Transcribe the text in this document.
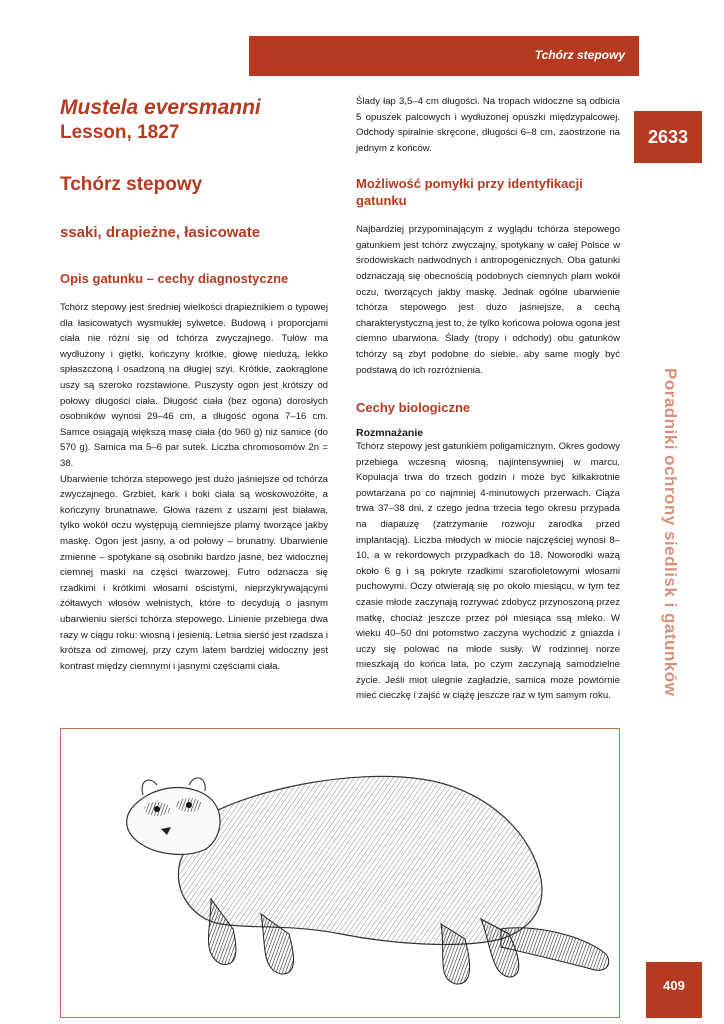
Tchórz stepowy
2633
Poradniki ochrony siedlisk i gatunków
Mustela eversmanni
Lesson, 1827
Tchórz stepowy
ssaki, drapieżne, łasicowate
Opis gatunku – cechy diagnostyczne

Tchórz stepowy jest średniej wielkości drapieżnikiem o typowej dla łasicowatych wysmukłej sylwetce. Budową i proporcjami ciała nie różni się od tchórza zwyczajnego. Tułów ma wydłużony i giętki, kończyny krótkie, głowę niedużą, lekko spłaszczoną i osadzoną na długiej szyi. Krótkie, zaokrąglone uszy są szeroko rozstawione. Puszysty ogon jest krótszy od połowy długości ciała. Długość ciała (bez ogona) dorosłych osobników wynosi 29–46 cm, a długość ogona 7–16 cm. Samce osiągają większą masę ciała (do 960 g) niż samice (do 570 g). Samica ma 5–6 par sutek. Liczba chromosomów 2n = 38.

Ubarwienie tchórza stepowego jest dużo jaśniejsze od tchórza zwyczajnego. Grzbiet, kark i boki ciała są woskowożółte, a kończyny brunatnawe. Głowa razem z uszami jest biaława, tylko wokół oczu występują ciemniejsze plamy tworzące jakby maskę. Ogon jest jasny, a od połowy – brunatny. Ubarwienie zmienne – spotykane są osobniki bardzo jasne, bez widocznej ciemnej maski na części twarzowej. Futro odznacza się rzadkimi i krótkimi włosami ościstymi, nieprzykrywającymi żółtawych włosów wełnistych, które to decydują o jasnym ubarwieniu sierści tchórza stepowego. Linienie przebiega dwa razy w ciągu roku: wiosną i jesienią. Letnia sierść jest rzadsza i krótsza od zimowej, przy czym latem bardziej widoczny jest kontrast między ciemnymi i jasnymi częściami ciała.

Ślady łap 3,5–4 cm długości. Na tropach widoczne są odbicia 5 opuszek palcowych i wydłużonej opuszki międzypalcowej. Odchody spiralnie skręcone, długości 6–8 cm, zaostrzone na jednym z końców.

Możliwość pomyłki przy identyfikacji gatunku

Najbardziej przypominającym z wyglądu tchórza stepowego gatunkiem jest tchórz zwyczajny, spotykany w całej Polsce w środowiskach nadwodnych i antropogenicznych. Oba gatunki odznaczają się obecnością podobnych ciemnych plam wokół oczu, tworzących jakby maskę. Jednak ogólne ubarwienie tchórza stepowego jest dużo jaśniejsze, a cechą charakterystyczną jest to, że tylko końcowa połowa ogona jest ciemno ubarwiona. Ślady (tropy i odchody) obu gatunków tchórzy są zbyt podobne do siebie, aby same mogły być podstawą do ich rozróżnienia.

Cechy biologiczne
Rozmnażanie

Tchórz stepowy jest gatunkiem poligamicznym. Okres godowy przebiega wczesną wiosną, najintensywniej w marcu. Kopulacja trwa do trzech godzin i może być kilkakrotnie powtarzana po co najmniej 4-minutowych przerwach. Ciąża trwa 37–38 dni, z czego jedna trzecia tego okresu przypada na diapauzę (zatrzymanie rozwoju zarodka przed implantacją). Liczba młodych w miocie najczęściej wynosi 8–10, a w rekordowych przypadkach do 18. Noworodki ważą około 6 g i są pokryte rzadkimi szarofioletowymi włosami puchowymi. Oczy otwierają się po około miesiącu, w tym też czasie młode zaczynają rozrywać zdobycz przynoszoną przez matkę, chociaż jeszcze przez pół miesiąca ssą mleko. W wieku 40–50 dni potomstwo zaczyna wychodzić z gniazda i uczy się polować na młode susły. W rodzinnej norze mieszkają do końca lata, po czym zaczynają samodzielne życie. Jeśli miot ulegnie zagładzie, samica może powtórnie mieć cieczkę i zajść w ciążę jeszcze raz w tym samym roku.

409
